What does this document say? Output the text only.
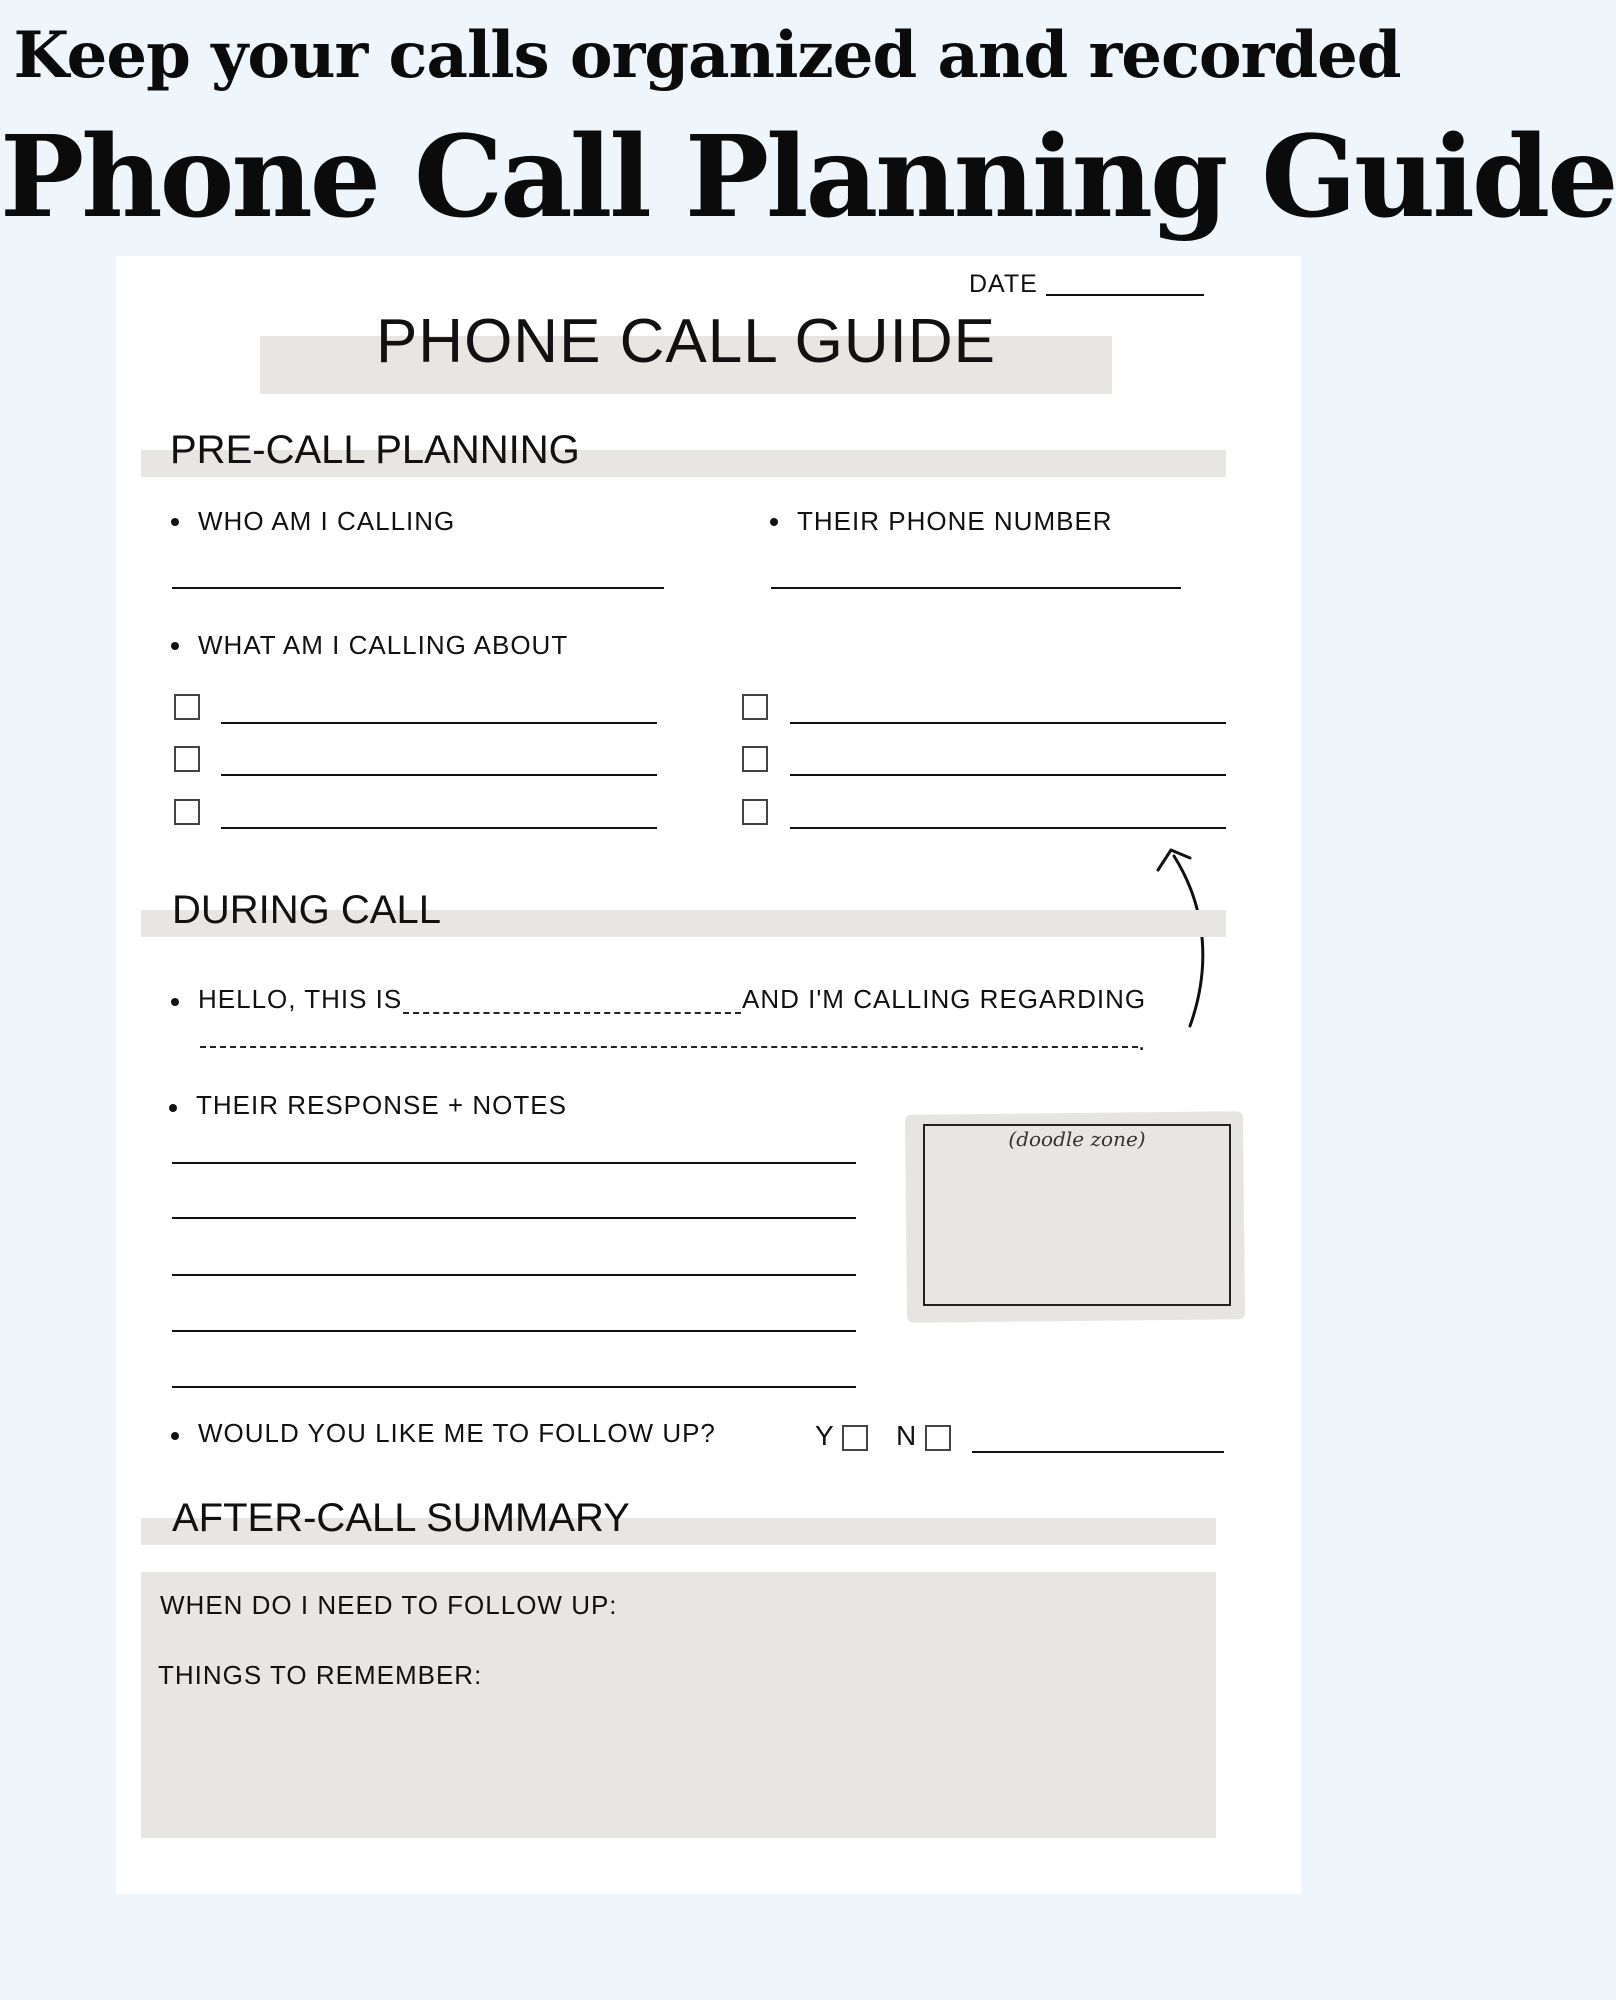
Keep your calls organized and recorded
Phone Call Planning Guide
DATE
PHONE CALL GUIDE
PRE-CALL PLANNING
WHO AM I CALLING	THEIR PHONE NUMBER
WHAT AM I CALLING ABOUT
DURING CALL
HELLO, THIS IS	AND I'M CALLING REGARDING
.
THEIR RESPONSE + NOTES
(doodle zone)
WOULD YOU LIKE ME TO FOLLOW UP?	Y N
AFTER-CALL SUMMARY
WHEN DO I NEED TO FOLLOW UP:
THINGS TO REMEMBER:
